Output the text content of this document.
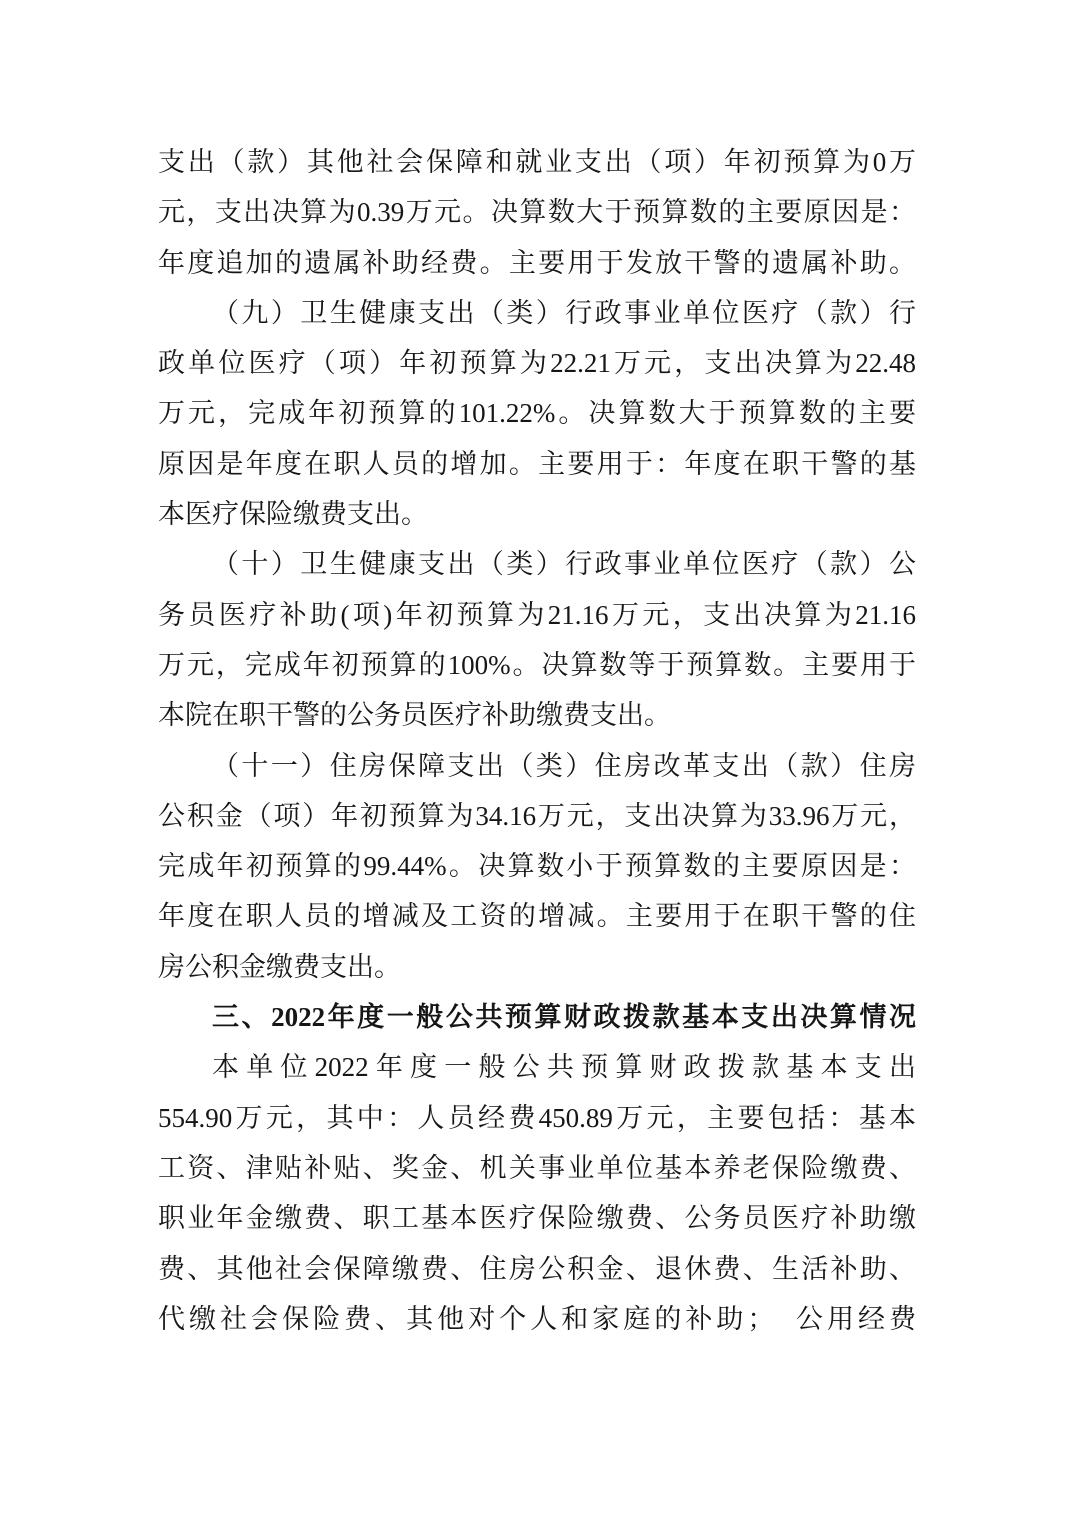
支出（款）其他社会保障和就业支出（项）年初预算为0万
元，支出决算为0.39万元。决算数大于预算数的主要原因是：
年度追加的遗属补助经费。主要用于发放干警的遗属补助。
（九）卫生健康支出（类）行政事业单位医疗（款）行
政单位医疗（项）年初预算为22.21万元，支出决算为22.48
万元，完成年初预算的101.22%。决算数大于预算数的主要
原因是年度在职人员的增加。主要用于：年度在职干警的基
本医疗保险缴费支出。
（十）卫生健康支出（类）行政事业单位医疗（款）公
务员医疗补助(项)年初预算为21.16万元，支出决算为21.16
万元，完成年初预算的100%。决算数等于预算数。主要用于
本院在职干警的公务员医疗补助缴费支出。
（十一）住房保障支出（类）住房改革支出（款）住房
公积金（项）年初预算为34.16万元，支出决算为33.96万元，
完成年初预算的99.44%。决算数小于预算数的主要原因是：
年度在职人员的增减及工资的增减。主要用于在职干警的住
房公积金缴费支出。
三、2022年度一般公共预算财政拨款基本支出决算情况
本单位2022年度一般公共预算财政拨款基本支出
554.90万元，其中：人员经费450.89万元，主要包括：基本
工资、津贴补贴、奖金、机关事业单位基本养老保险缴费、
职业年金缴费、职工基本医疗保险缴费、公务员医疗补助缴
费、其他社会保障缴费、住房公积金、退休费、生活补助、
代缴社会保险费、其他对个人和家庭的补助；　公用经费
